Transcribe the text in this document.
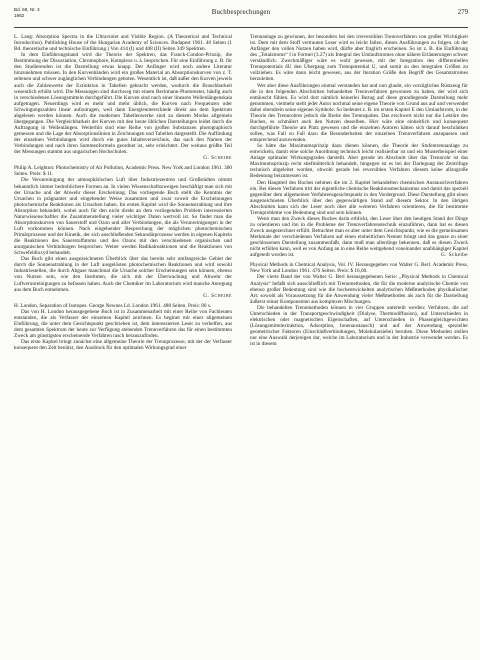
Bd. 68, Nr. 3
1962	Buchbesprechungen	279

L. Lang: Absorption Spectra in the Ultraviolet and Visible Region. (A Theoretical and Technical Introduction). Publishing House of the Hungarian Academy of Sciences. Budapest 1961. 40 Seiten (1 Bd. theoretische und technische Einführung.) Von 414 (I) und 408 (II) Seiten 349 Spektren.

In dem Einführungsband wird die Theorie der Spektren, das Franck-Condon-Prinzip, die Bestimmung der Dissoziation, Chromophore, Komplexe u. ä. besprochen. Für eine Einführung z. B. für den Studierenden ist die Darstellung etwas knapp. Der Anfänger wird noch andere Literatur hinzunehmen müssen. In den Kurvenbänden wird ein großes Material an Absorptionskurven von z. T. seltenen und schwer zugänglichen Verbindungen geboten. Wesentlich ist, daß außer den Kurven jeweils auch die Zahlenwerte der Extinktion in Tabellen gebracht werden, wodurch die Brauchbarkeit wesentlich erhöht wird. Die Messungen sind durchweg mit einem Beckmann-Photometer, häufig auch in verschiedenen Lösungsmitteln durchgeführt. Die Kurven sind nach einer linearen Wellenlängenskala aufgetragen. Neuerdings wird es mehr und mehr üblich, die Kurven nach Frequenzen oder Schwingungszahlen linear aufzutragen, weil dann Energieunterschiede direkt aus dem Spektrum abgelesen werden können. Auch die modernen Tabellenwerke sind zu diesem Modus allgemein übergegangen. Die Vergleichbarkeit der Kurven mit den heute üblichen Darstellungen leidet durch die Auftragung in Wellenlängen. Weiterhin sind eine Reihe von großen Substanzen photographisch gemessen und die Lage der Absorptionslinien in Zeichnungen und Tabellen dargestellt. Die Auffindung der einzelnen Verbindungen wird durch ein gutes Inhaltsverzeichnis, das nach den Namen der Verbindungen und nach ihren Summenformeln geordnet ist, sehr erleichtert. Der weitaus größte Teil der Messungen stammt aus ungarischen Hochschulen.

G. Scheibe

Philip A. Leighton: Photochemistry of Air Pollution, Academic Press. New York and London 1961. 300 Seiten. Preis: $ 11.

Die Verunreinigung der atmosphärischen Luft über Industriezentren und Großstädten nimmt bekanntlich immer bedrohlichere Formen an. In vielen Wissenschaftszweigen beschäftigt man sich mit der Ursache und der Abwehr dieser Erscheinung. Das vorliegende Buch stellt die Kenntnis der Ursachen in prägnanter und eingehender Weise zusammen und zwar soweit die Erscheinungen photochemische Reaktionen als Ursachen haben. Im ersten Kapitel wird die Sonnenstrahlung und ihre Absorption behandelt, wobei auch für den nicht direkt an dem vorliegenden Problem interessierten Naturwissenschaftler die Zusammenstellung vieler wichtiger Daten wertvoll ist. So findet man die Absorptionskurven von Sauerstoff und Ozon und aller Verbindungen, die als Verunreinigungen in der Luft vorkommen können. Nach eingehender Besprechung der möglichen photochemischen Primärprozesse und der Kinetik, der sich anschließenden Sekundärprozesse werden in eigenen Kapiteln die Reaktionen des Sauerstoffatoms und des Ozons mit den verschiedenen organischen und anorganischen Verbindungen besprochen. Weiter werden Radikalreaktionen und die Reaktionen von Schwefeldioxyd behandelt.

Das Buch gibt einen ausgezeichneten Überblick über das bereits sehr umfangreiche Gebiet der durch die Sonnenstrahlung in der Luft ausgelösten photochemischen Reaktionen und wird sowohl Industriestellen, die durch Abgase manchmal die Ursache solcher Erscheinungen sein können, ebenso von Nutzen sein, wie den Instituten, die sich mit der Überwachung und Abwehr der Luftverunreinigungen zu befassen haben. Auch der Chemiker im Laboratorium wird manche Anregung aus dem Buch entnehmen.

G. Scheibe

H. London, Separation of Isotopes. George Newnes Ld. London 1961. 488 Seiten. Preis: 80 s.

Das von H. London herausgegebene Buch ist in Zusammenarbeit mit einer Reihe von Fachleuten entstanden, die als Verfasser der einzelnen Kapitel zeichnen. Es beginnt mit einer allgemeinen Einführung, die unter dem Gesichtspunkt geschrieben ist, dem interessierten Leser zu verhelfen, aus dem gesamten Spektrum der heute zur Verfügung stehenden Trennverfahren das für einen bestimmten Zweck am günstigsten erscheinende Verfahren rasch herauszufinden.

Das erste Kapitel bringt zunächst eine allgemeine Theorie der Trennprozesse, mit der der Verfasser konsequent den Zeit benützt, den Ausdruck für den optimalen Wirkungsgrad einer

Trennanlage zu gewinnen, der besonders bei den irreversiblen Trennverfahren von großer Wichtigkeit ist. Dem mit dem Stoff vertrauten Leser wird es leicht fallen, dieses Ausführungen zu folgen, ob der Anfänger den vollen Nutzen haben wird, dürfte aber fraglich erscheinen. So ist z. B. die Einführung des „Totalstroms“ I in Formel (3.27) als Integral des Umlaufstromes ohne nähere Erläuterungen schwer verständlich. Zweckmäßiger wäre es wohl gewesen, mit der Integration des differentiellen Trennpotentials δU den Übergang zum Trennpotential U, und somit zu den integralen Größen zu vollziehen. Es wäre dann leicht gewesen, aus der Iteration Größe den Begriff des Gesamtstromes herzuleiten.

Wer aber diese Ausführungen einmal verstanden hat und nun glaubt, ein vorzügliches Rüstzeug für die in den folgenden Abschnitten behandelten Trennverfahren gewonnen zu haben, der wird sich enttäuscht fühlen. Es wird dort nämlich keinerlei Bezug auf diese grundlegende Darstellung mehr genommen, vielmehr stellt jeder Autor nochmal seine eigene Theorie von Grund aus auf und verwendet dabei obendrein seine eigenen Symbole. So bedeutet z. B. im ersten Kapitel E den Umlaufstrom, in der Theorie des Trennrohres jedoch die Breite des Trennspaltes. Das erschwert nicht nur die Lektüre des Buches, es schmälert auch den Nutzen desselben. Hier wäre eine einheitlich und konsequent durchgeführte Theorie am Platz gewesen und die einzelnen Autoren hätten sich darauf beschränken sollen, was Fall zu Fall dazu die Besonderheiten der einzelnen Trennverfahren anzupassen und entsprechend anzuwenden.

So hätte das Maximumsprinzip dazu dienen können, die Theorie der Stufentrennanlage zu entwickeln, damit eine solche Anordnung technisch leicht realisierbar ist und ein Musterbeispiel einer Anlage optimaler Wirkungsgrades darstellt. Aber gerade im Abschnitt über das Trennrohr ist das Maximumsprinzip recht stiefmütterlich behandelt, hingegen ist es bei der Darlegung der Zentrifuge technisch abgeleitet worden, obwohl gerade bei reversiblen Verfahren diesem keine allzugroße Bedeutung beizumessen ist.

Den Hauptteil des Buches nehmen die im 2. Kapitel behandelten chemischen Austauschverfahren ein. Bei diesen Verfahren tritt der eigentliche chemische Reaktionsmechanismus und damit das speziell gegenüber dem allgemeinen Verfahrensgesichtspunkt in den Vordergrund. Diese Darstellung gibt einen ausgezeichneten Überblick über den gegenwärtigen Stand auf diesem Sektor. In den übrigen Abschnitten kann sich der Leser noch über alle weiteren Verfahren orientieren, die für bestimmte Trennprobleme von Bedeutung sind und sein können.

Wenn man den Zweck dieses Buches darin erblickt, den Leser über den heutigen Stand der Dinge zu orientieren und ihn in die Probleme der Trennverfahrenstechnik einzuführen, dann hat es diesen Zweck ausgezeichnet erfüllt. Betrachtet man es aber unter dem Gesichtspunkt, wie es die gemeinsamen Merkmale der verschiedenen Verfahren auf einen einheitlichen Nenner bringt und das ganze zu einer geschlossenen Darstellung zusammenfaßt, dann muß man allerdings bekennen, daß es diesen Zweck nicht erfüllen kann, weil es von Anfang an in eine Reihe weitgehend voneinander unabhängiger Kapitel aufgeteilt worden ist.	G. Scheibe

Physical Methods in Chemical Analysis, Vol. IV. Herausgegeben von Walter G. Berl. Academic Press, New York and London 1961. 476 Seiten. Preis: $ 16,00.

Der vierte Band der von Walter G. Berl herausgegebenen Serie: „Physical Methods in Chemical Analysis“ befaßt sich ausschließlich mit Trennmethoden, die für die moderne analytische Chemie von ebenso großer Bedeutung sind wie die hochentwickelten analytischen Meßmethoden physikalischer Art; sowohl als Voraussetzung für die Anwendung vieler Meßmethoden als auch für die Darstellung äußerst reiner Komponenten aus komplexen Mischungen.

Die behandelten Trennmethoden können in vier Gruppen unterteilt werden: Verfahren, die auf Unterschieden in der Transportgeschwindigkeit (Dialyse, Thermodiffusion), auf Unterschieden in elektrischen oder magnetischen Eigenschaften, auf Unterschieden in Phasengleichgewichten (Lösungsmittelextraktion, Adsorption, Ionenaustausch) und auf der Anwendung spezieller geometrischer Faktoren (Einschlußverbindungen, Molekularsiebe) beruhen. Diese Methoden stellen nur eine Auswahl derjenigen dar, welche im Laboratorium und in der Industrie verwendet werden. Es ist in diesem
